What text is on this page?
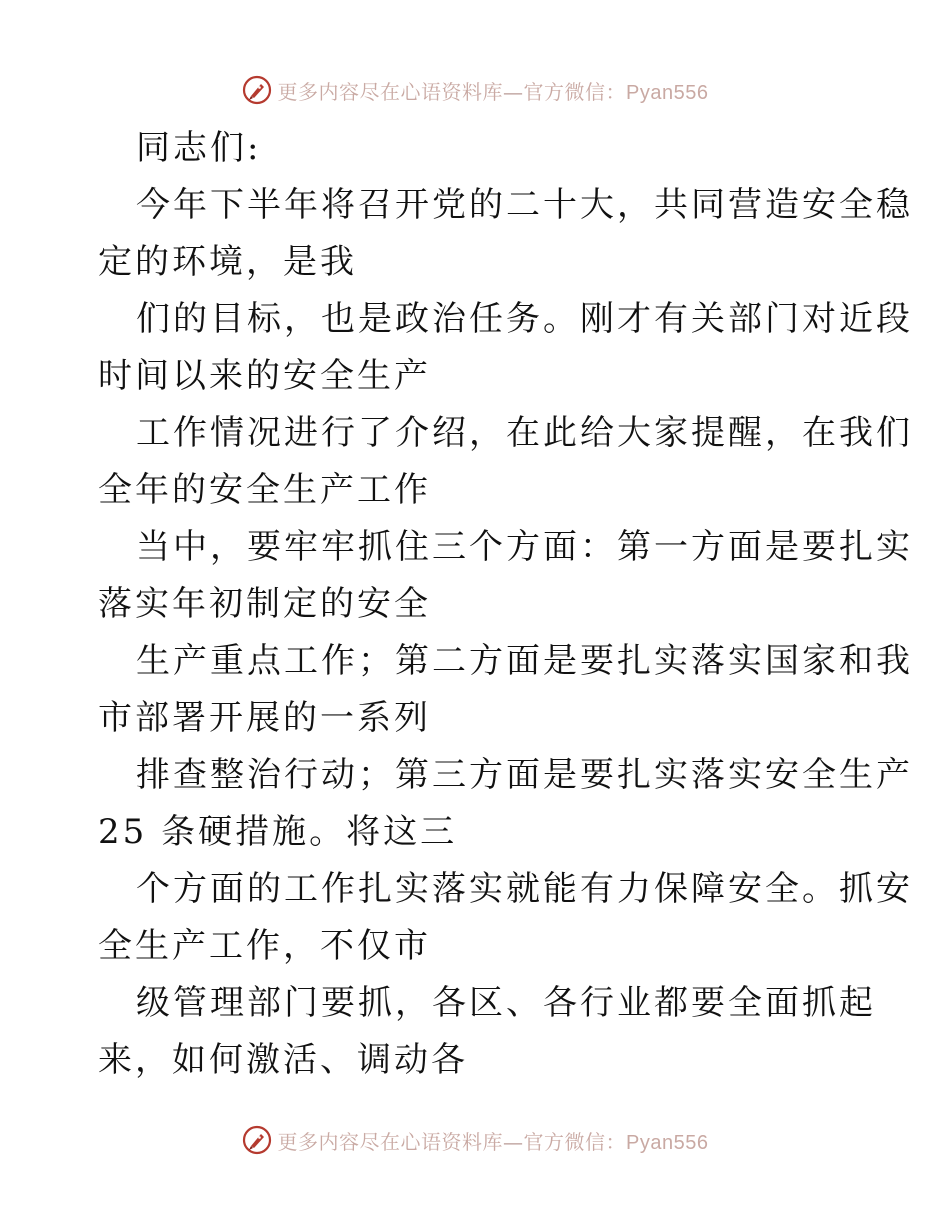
更多内容尽在心语资料库—官方微信：Pyan556
同志们:
今年下半年将召开党的二十大，共同营造安全稳
定的环境，是我
们的目标，也是政治任务。刚才有关部门对近段
时间以来的安全生产
工作情况进行了介绍，在此给大家提醒，在我们
全年的安全生产工作
当中，要牢牢抓住三个方面：第一方面是要扎实
落实年初制定的安全
生产重点工作；第二方面是要扎实落实国家和我
市部署开展的一系列
排查整治行动；第三方面是要扎实落实安全生产
25 条硬措施。将这三
个方面的工作扎实落实就能有力保障安全。抓安
全生产工作，不仅市
级管理部门要抓，各区、各行业都要全面抓起
来，如何激活、调动各
更多内容尽在心语资料库—官方微信：Pyan556
